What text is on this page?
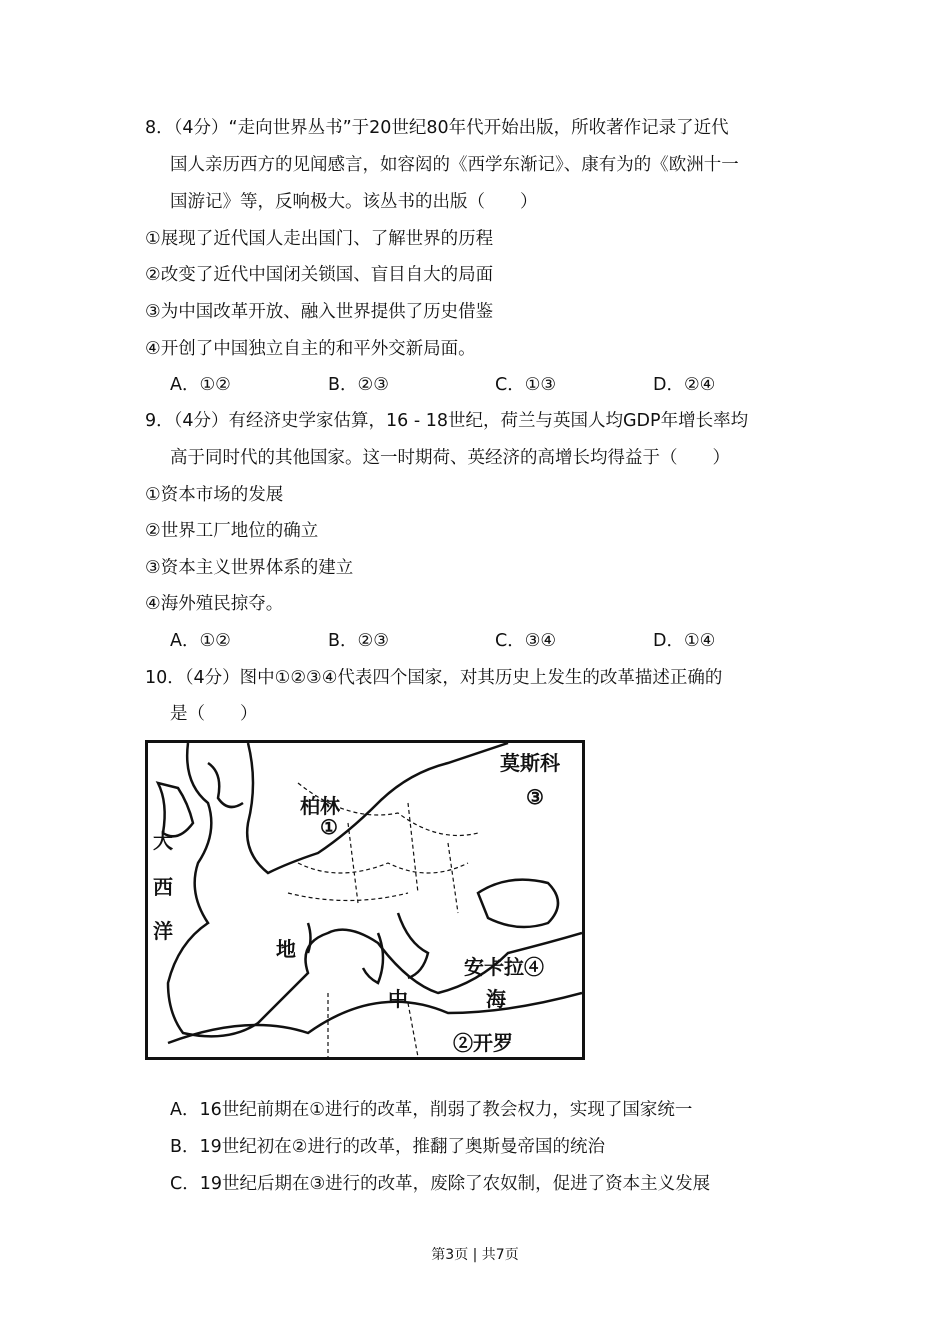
8．（4分）“走向世界丛书”于20世纪80年代开始出版，所收著作记录了近代
国人亲历西方的见闻感言，如容闳的《西学东渐记》、康有为的《欧洲十一
国游记》等，反响极大。该丛书的出版（　　）
①展现了近代国人走出国门、了解世界的历程
②改变了近代中国闭关锁国、盲目自大的局面
③为中国改革开放、融入世界提供了历史借鉴
④开创了中国独立自主的和平外交新局面。
A．①②	B．②③	C．①③	D．②④
9．（4分）有经济史学家估算，16 - 18世纪，荷兰与英国人均GDP年增长率均
高于同时代的其他国家。这一时期荷、英经济的高增长均得益于（　　）
①资本市场的发展
②世界工厂地位的确立
③资本主义世界体系的建立
④海外殖民掠夺。
A．①②	B．②③	C．③④	D．①④
10．（4分）图中①②③④代表四个国家，对其历史上发生的改革描述正确的
是（　　）
莫斯科
③
柏林
①
大
西
洋
地
中	海
安卡拉④
②开罗
A．16世纪前期在①进行的改革，削弱了教会权力，实现了国家统一
B．19世纪初在②进行的改革，推翻了奥斯曼帝国的统治
C．19世纪后期在③进行的改革，废除了农奴制，促进了资本主义发展
第3页 | 共7页
